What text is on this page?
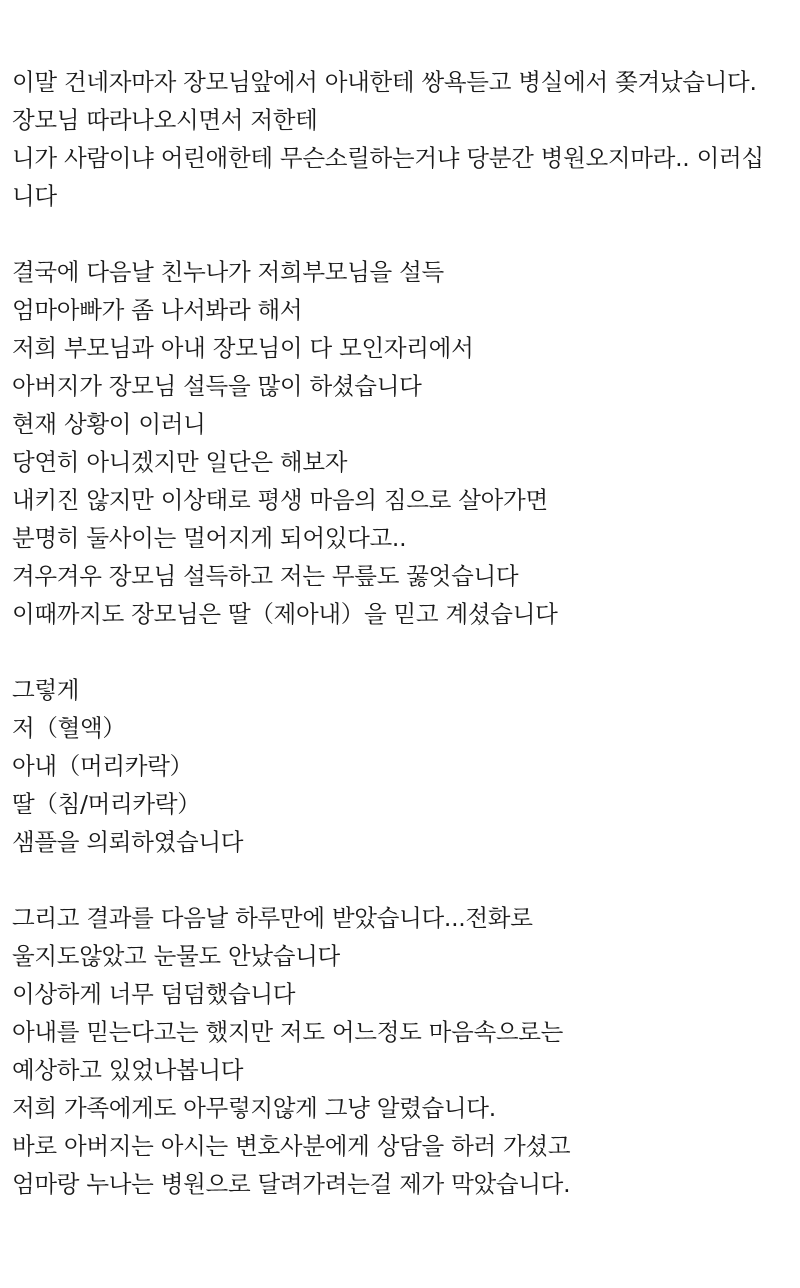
이말 건네자마자 장모님앞에서 아내한테 쌍욕듣고 병실에서 쫒겨났습니다.
장모님 따라나오시면서 저한테
니가 사람이냐 어린애한테 무슨소릴하는거냐 당분간 병원오지마라.. 이러십
니다
결국에 다음날 친누나가 저희부모님을 설득
엄마아빠가 좀 나서봐라 해서
저희 부모님과 아내 장모님이 다 모인자리에서
아버지가 장모님 설득을 많이 하셨습니다
현재 상황이 이러니
당연히 아니겠지만 일단은 해보자
내키진 않지만 이상태로 평생 마음의 짐으로 살아가면
분명히 둘사이는 멀어지게 되어있다고..
겨우겨우 장모님 설득하고 저는 무릎도 꿇엇습니다
이때까지도 장모님은 딸（제아내）을 믿고 계셨습니다
그렇게
저（혈액）
아내（머리카락）
딸（침/머리카락）
샘플을 의뢰하였습니다
그리고 결과를 다음날 하루만에 받았습니다...전화로
울지도않았고 눈물도 안났습니다
이상하게 너무 덤덤했습니다
아내를 믿는다고는 했지만 저도 어느정도 마음속으로는
예상하고 있었나봅니다
저희 가족에게도 아무렇지않게 그냥 알렸습니다.
바로 아버지는 아시는 변호사분에게 상담을 하러 가셨고
엄마랑 누나는 병원으로 달려가려는걸 제가 막았습니다.
